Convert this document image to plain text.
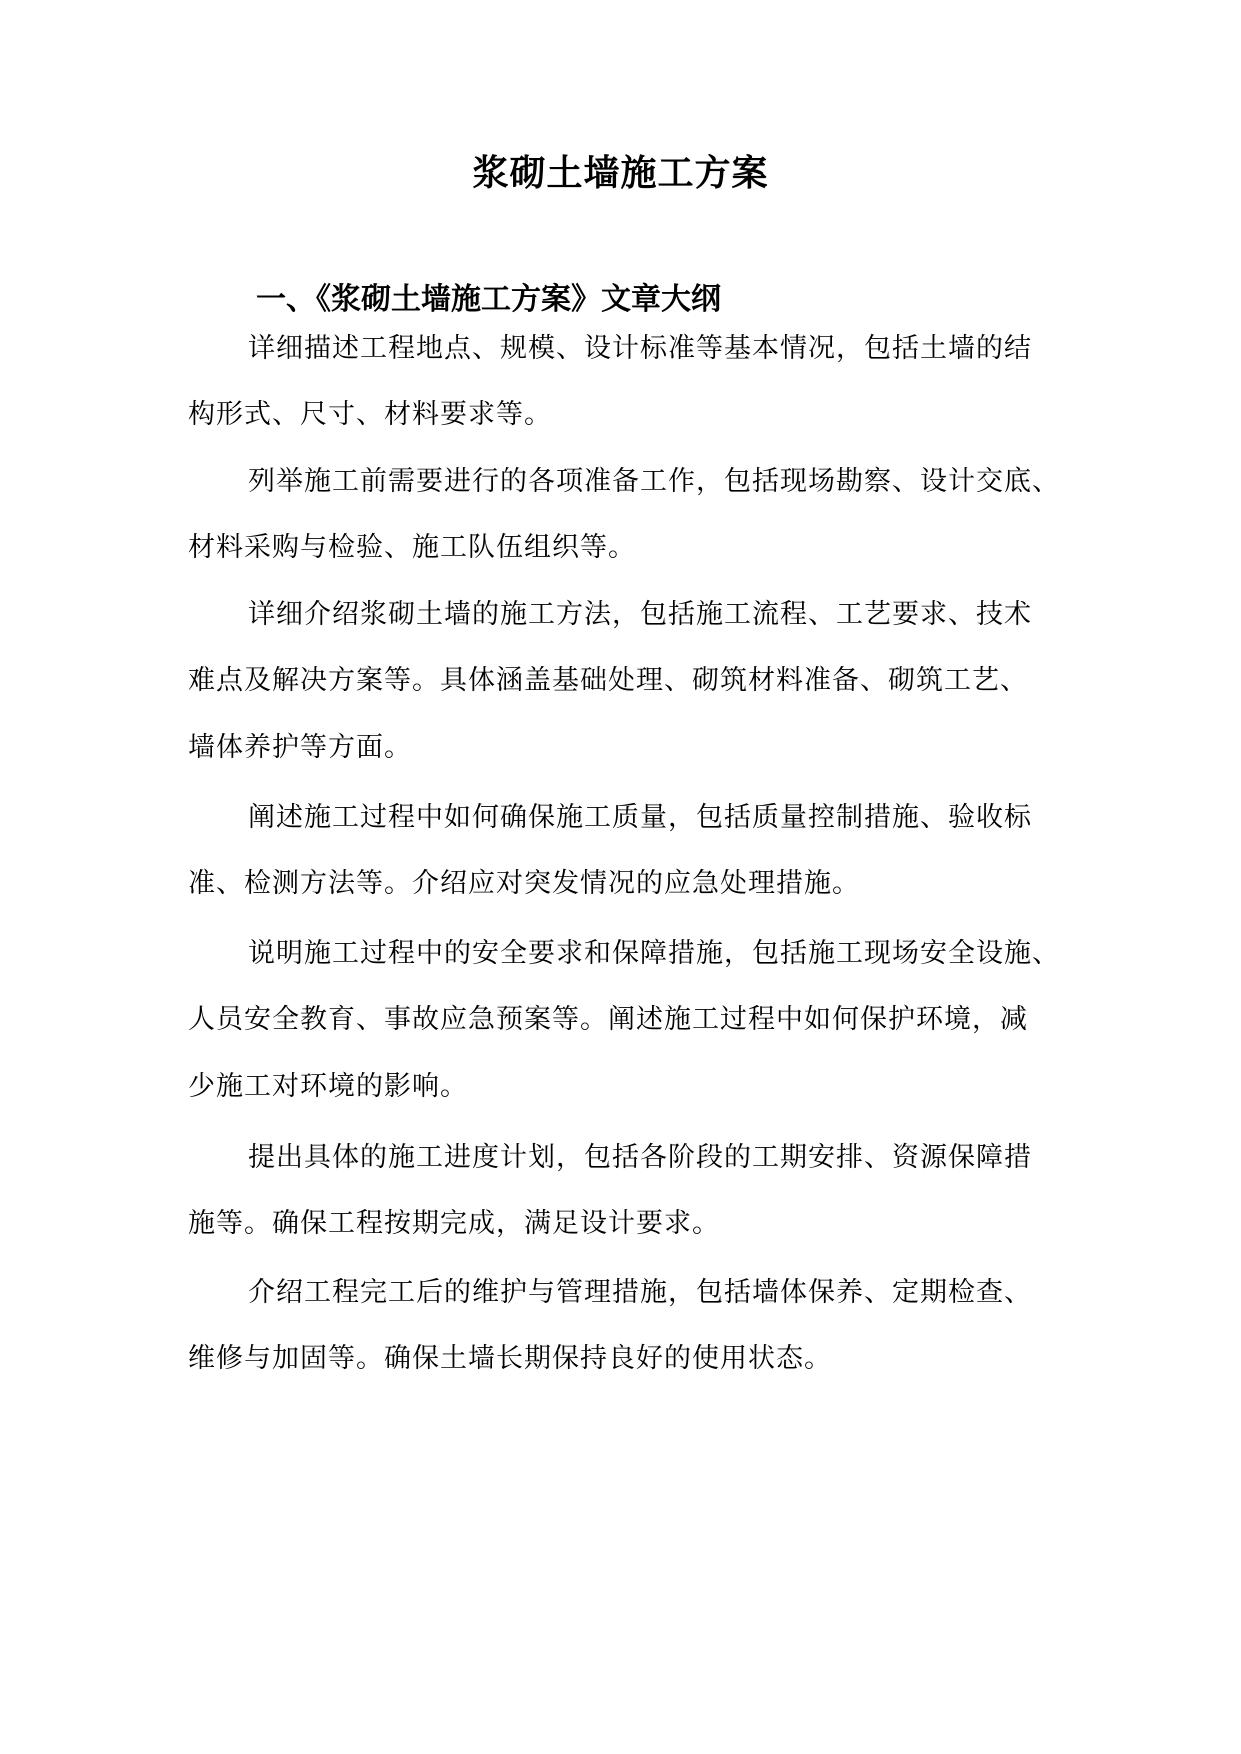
浆砌土墙施工方案
一、《浆砌土墙施工方案》文章大纲
详细描述工程地点、规模、设计标准等基本情况，包括土墙的结
构形式、尺寸、材料要求等。
列举施工前需要进行的各项准备工作，包括现场勘察、设计交底、
材料采购与检验、施工队伍组织等。
详细介绍浆砌土墙的施工方法，包括施工流程、工艺要求、技术
难点及解决方案等。具体涵盖基础处理、砌筑材料准备、砌筑工艺、
墙体养护等方面。
阐述施工过程中如何确保施工质量，包括质量控制措施、验收标
准、检测方法等。介绍应对突发情况的应急处理措施。
说明施工过程中的安全要求和保障措施，包括施工现场安全设施、
人员安全教育、事故应急预案等。阐述施工过程中如何保护环境，减
少施工对环境的影响。
提出具体的施工进度计划，包括各阶段的工期安排、资源保障措
施等。确保工程按期完成，满足设计要求。
介绍工程完工后的维护与管理措施，包括墙体保养、定期检查、
维修与加固等。确保土墙长期保持良好的使用状态。
